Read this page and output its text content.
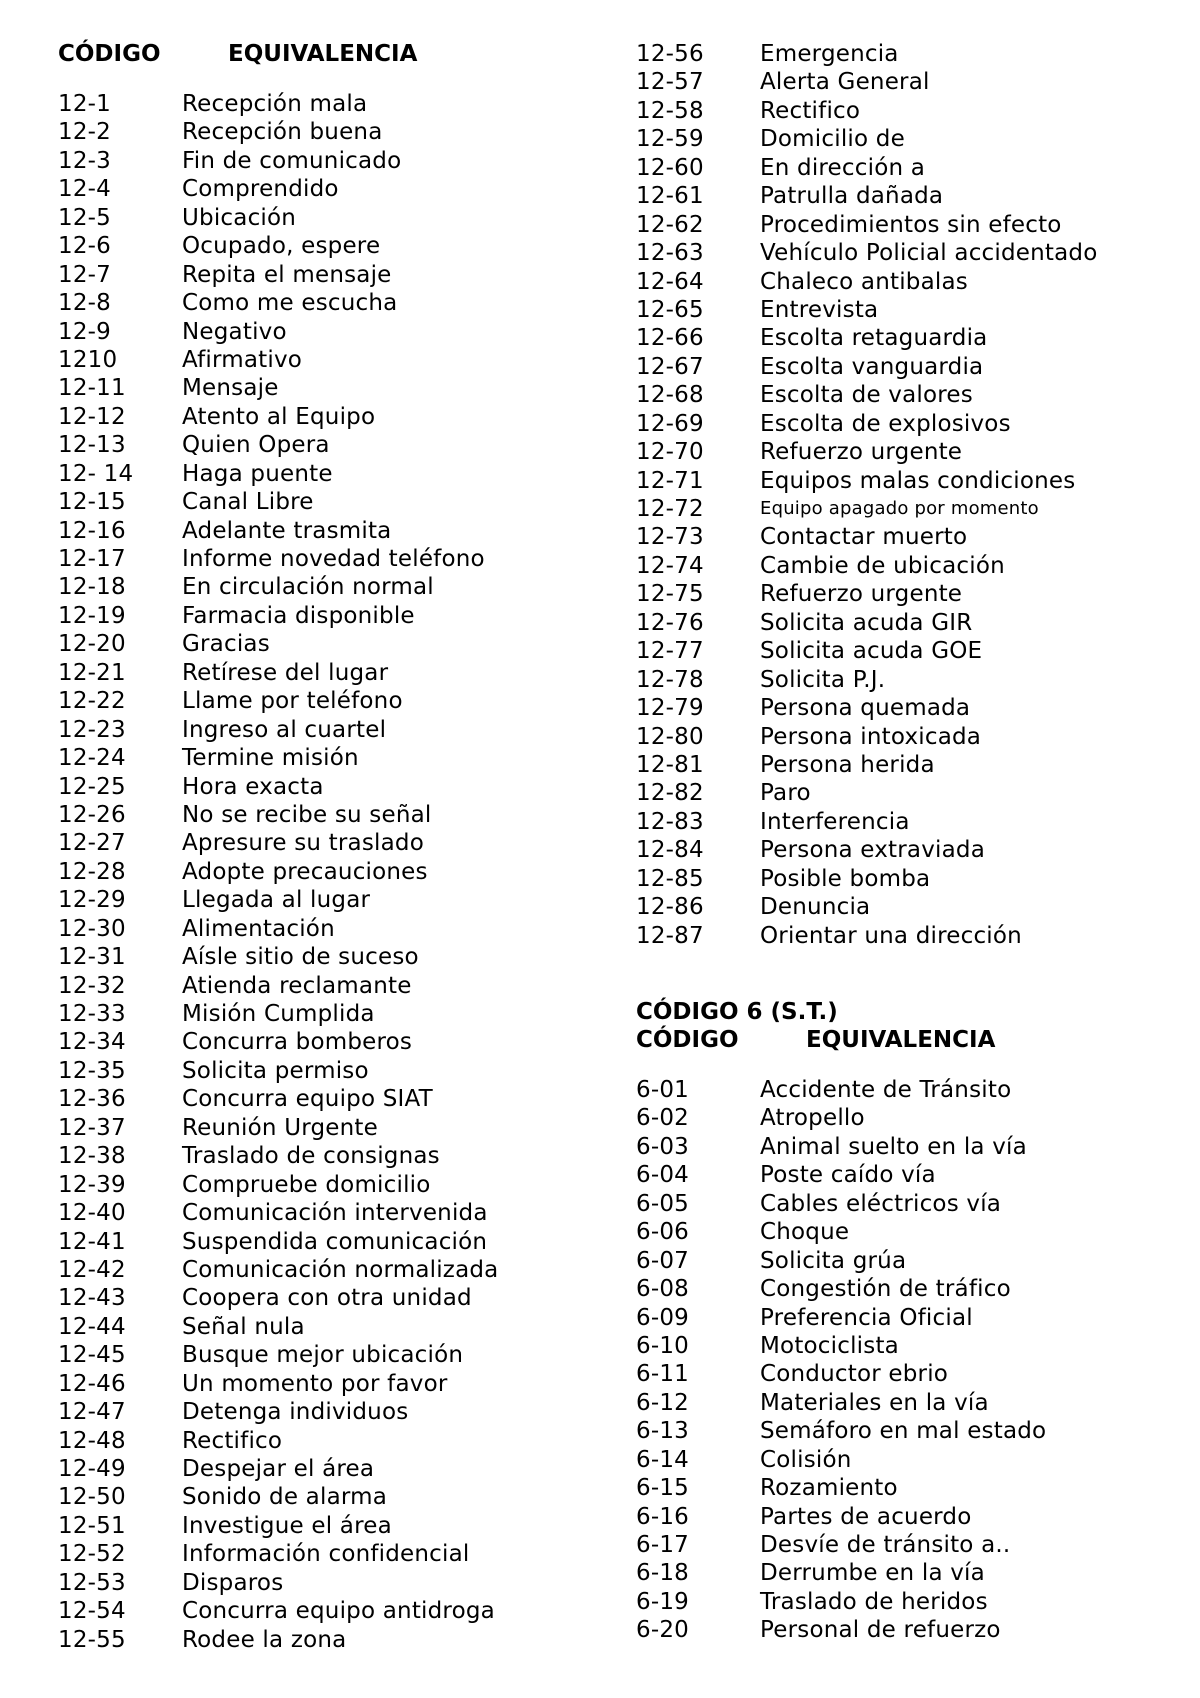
CÓDIGO	EQUIVALENCIA
12-1	Recepción mala
12-2	Recepción buena
12-3	Fin de comunicado
12-4	Comprendido
12-5	Ubicación
12-6	Ocupado, espere
12-7	Repita el mensaje
12-8	Como me escucha
12-9	Negativo
1210	Afirmativo
12-11 Mensaje
12-12 Atento al Equipo
12-13 Quien Opera
12- 14 Haga puente
12-15 Canal Libre
12-16 Adelante trasmita
12-17 Informe novedad teléfono
12-18 En circulación normal
12-19 Farmacia disponible
12-20 Gracias
12-21 Retírese del lugar
12-22 Llame por teléfono
12-23 Ingreso al cuartel
12-24 Termine misión
12-25 Hora exacta
12-26 No se recibe su señal
12-27 Apresure su traslado
12-28 Adopte precauciones
12-29 Llegada al lugar
12-30 Alimentación
12-31 Aísle sitio de suceso
12-32 Atienda reclamante
12-33 Misión Cumplida
12-34 Concurra bomberos
12-35 Solicita permiso
12-36 Concurra equipo SIAT
12-37 Reunión Urgente
12-38 Traslado de consignas
12-39 Compruebe domicilio
12-40 Comunicación intervenida
12-41 Suspendida comunicación
12-42 Comunicación normalizada
12-43 Coopera con otra unidad
12-44 Señal nula
12-45 Busque mejor ubicación
12-46 Un momento por favor
12-47 Detenga individuos
12-48 Rectifico
12-49 Despejar el área
12-50 Sonido de alarma
12-51 Investigue el área
12-52 Información confidencial
12-53 Disparos
12-54 Concurra equipo antidroga
12-55 Rodee la zona
12-56 Emergencia
12-57 Alerta General
12-58 Rectifico
12-59 Domicilio de
12-60 En dirección a
12-61 Patrulla dañada
12-62 Procedimientos sin efecto
12-63 Vehículo Policial accidentado
12-64 Chaleco antibalas
12-65 Entrevista
12-66 Escolta retaguardia
12-67 Escolta vanguardia
12-68 Escolta de valores
12-69 Escolta de explosivos
12-70 Refuerzo urgente
12-71 Equipos malas condiciones
12-72	Equipo apagado por momento
12-73 Contactar muerto
12-74 Cambie de ubicación
12-75 Refuerzo urgente
12-76 Solicita acuda GIR
12-77 Solicita acuda GOE
12-78 Solicita P.J.
12-79 Persona quemada
12-80 Persona intoxicada
12-81 Persona herida
12-82 Paro
12-83 Interferencia
12-84 Persona extraviada
12-85 Posible bomba
12-86 Denuncia
12-87 Orientar una dirección
CÓDIGO 6 (S.T.)
CÓDIGO	EQUIVALENCIA
6-01	Accidente de Tránsito
6-02	Atropello
6-03	Animal suelto en la vía
6-04	Poste caído vía
6-05	Cables eléctricos vía
6-06	Choque
6-07	Solicita grúa
6-08	Congestión de tráfico
6-09	Preferencia Oficial
6-10	Motociclista
6-11	Conductor ebrio
6-12	Materiales en la vía
6-13	Semáforo en mal estado
6-14	Colisión
6-15	Rozamiento
6-16	Partes de acuerdo
6-17	Desvíe de tránsito a..
6-18	Derrumbe en la vía
6-19	Traslado de heridos
6-20	Personal de refuerzo
